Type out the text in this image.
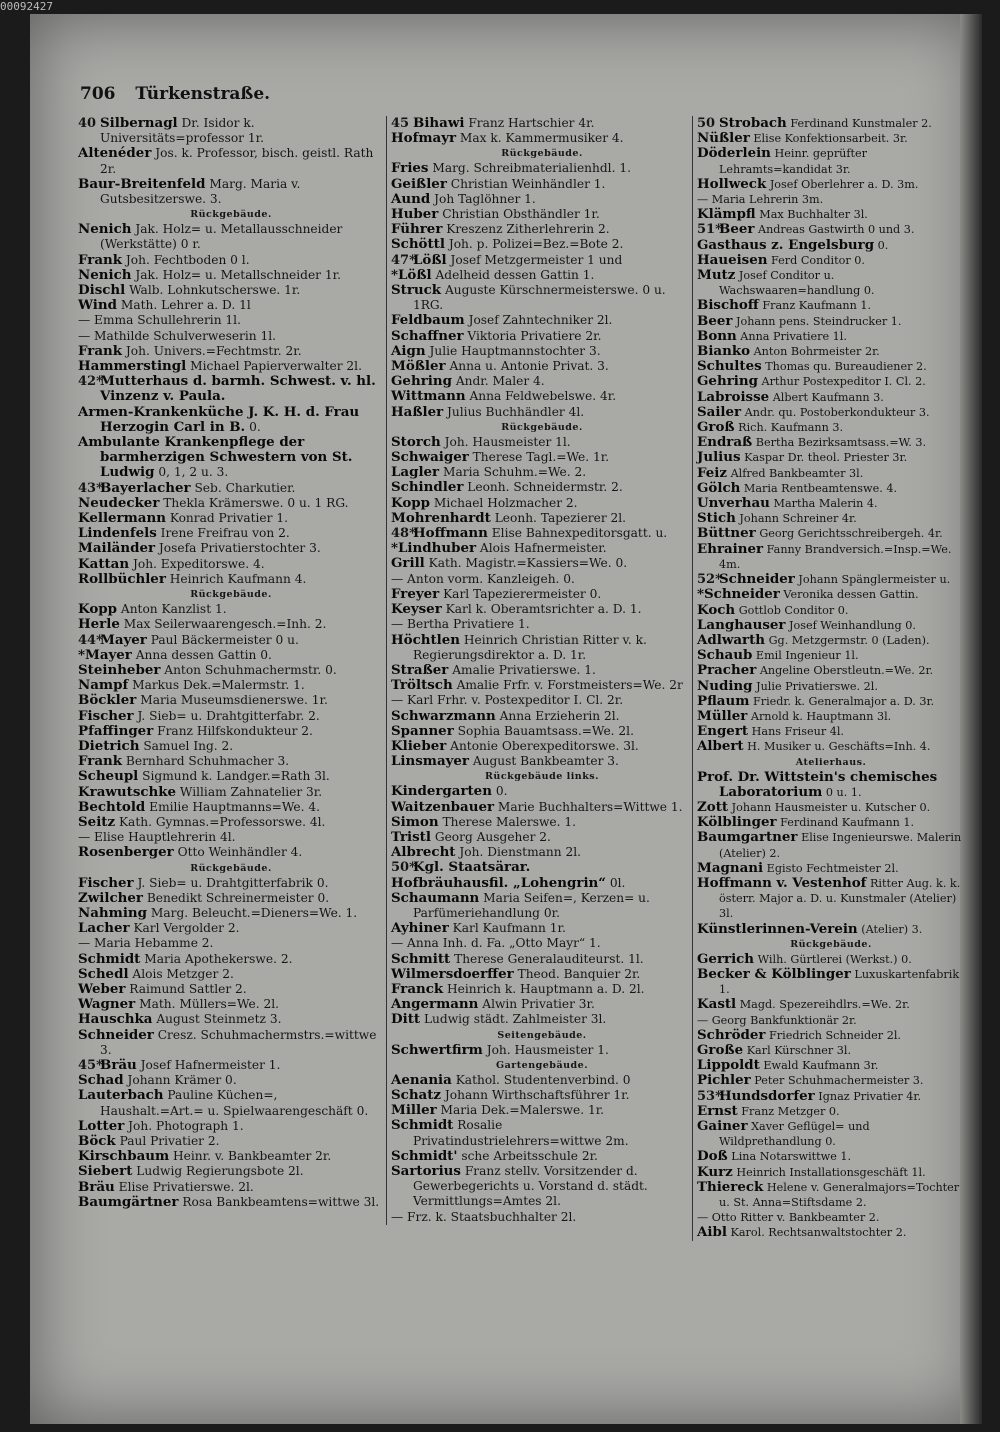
00092427
706 Türkenstraße.

40 Silbernagl Dr. Isidor k. Universitäts=professor 1r.

Altenéder Jos. k. Professor, bisch. geistl. Rath 2r.

Baur-Breitenfeld Marg. Maria v. Gutsbesitzerswe. 3.

Rückgebäude.

Nenich Jak. Holz= u. Metallausschneider (Werkstätte) 0 r.

Frank Joh. Fechtboden 0 l.

Nenich Jak. Holz= u. Metallschneider 1r.

Dischl Walb. Lohnkutscherswe. 1r.

Wind Math. Lehrer a. D. 1l

— Emma Schullehrerin 1l.

— Mathilde Schulverweserin 1l.

Frank Joh. Univers.=Fechtmstr. 2r.

Hammerstingl Michael Papierverwalter 2l.

42*Mutterhaus d. barmh. Schwest. v. hl. Vinzenz v. Paula.

Armen-Krankenküche J. K. H. d. Frau Herzogin Carl in B. 0.

Ambulante Krankenpflege der barmherzigen Schwestern von St. Ludwig 0, 1, 2 u. 3.

43*Bayerlacher Seb. Charkutier.

Neudecker Thekla Krämerswe. 0 u. 1 RG.

Kellermann Konrad Privatier 1.

Lindenfels Irene Freifrau von 2.

Mailänder Josefa Privatierstochter 3.

Kattan Joh. Expeditorswe. 4.

Rollbüchler Heinrich Kaufmann 4.

Rückgebäude.

Kopp Anton Kanzlist 1.

Herle Max Seilerwaarengesch.=Inh. 2.

44*Mayer Paul Bäckermeister 0 u.

*Mayer Anna dessen Gattin 0.

Steinheber Anton Schuhmachermstr. 0.

Nampf Markus Dek.=Malermstr. 1.

Böckler Maria Museumsdienerswe. 1r.

Fischer J. Sieb= u. Drahtgitterfabr. 2.

Pfaffinger Franz Hilfskondukteur 2.

Dietrich Samuel Ing. 2.

Frank Bernhard Schuhmacher 3.

Scheupl Sigmund k. Landger.=Rath 3l.

Krawutschke William Zahnatelier 3r.

Bechtold Emilie Hauptmanns=We. 4.

Seitz Kath. Gymnas.=Professorswe. 4l.

— Elise Hauptlehrerin 4l.

Rosenberger Otto Weinhändler 4.

Rückgebäude.

Fischer J. Sieb= u. Drahtgitterfabrik 0.

Zwilcher Benedikt Schreinermeister 0.

Nahming Marg. Beleucht.=Dieners=We. 1.

Lacher Karl Vergolder 2.

— Maria Hebamme 2.

Schmidt Maria Apothekerswe. 2.

Schedl Alois Metzger 2.

Weber Raimund Sattler 2.

Wagner Math. Müllers=We. 2l.

Hauschka August Steinmetz 3.

Schneider Cresz. Schuhmachermstrs.=wittwe 3.

45*Bräu Josef Hafnermeister 1.

Schad Johann Krämer 0.

Lauterbach Pauline Küchen=, Haushalt.=Art.= u. Spielwaarengeschäft 0.

Lotter Joh. Photograph 1.

Böck Paul Privatier 2.

Kirschbaum Heinr. v. Bankbeamter 2r.

Siebert Ludwig Regierungsbote 2l.

Bräu Elise Privatierswe. 2l.

Baumgärtner Rosa Bankbeamtens=wittwe 3l.

45 Bihawi Franz Hartschier 4r.

Hofmayr Max k. Kammermusiker 4.

Rückgebäude.

Fries Marg. Schreibmaterialienhdl. 1.

Geißler Christian Weinhändler 1.

Aund Joh Taglöhner 1.

Huber Christian Obsthändler 1r.

Führer Kreszenz Zitherlehrerin 2.

Schöttl Joh. p. Polizei=Bez.=Bote 2.

47*Lößl Josef Metzgermeister 1 und

*Lößl Adelheid dessen Gattin 1.

Struck Auguste Kürschnermeisterswe. 0 u. 1RG.

Feldbaum Josef Zahntechniker 2l.

Schaffner Viktoria Privatiere 2r.

Aign Julie Hauptmannstochter 3.

Mößler Anna u. Antonie Privat. 3.

Gehring Andr. Maler 4.

Wittmann Anna Feldwebelswe. 4r.

Haßler Julius Buchhändler 4l.

Rückgebäude.

Storch Joh. Hausmeister 1l.

Schwaiger Therese Tagl.=We. 1r.

Lagler Maria Schuhm.=We. 2.

Schindler Leonh. Schneidermstr. 2.

Kopp Michael Holzmacher 2.

Mohrenhardt Leonh. Tapezierer 2l.

48*Hoffmann Elise Bahnexpeditorsgatt. u.

*Lindhuber Alois Hafnermeister.

Grill Kath. Magistr.=Kassiers=We. 0.

— Anton vorm. Kanzleigeh. 0.

Freyer Karl Tapezierermeister 0.

Keyser Karl k. Oberamtsrichter a. D. 1.

— Bertha Privatiere 1.

Höchtlen Heinrich Christian Ritter v. k. Regierungsdirektor a. D. 1r.

Straßer Amalie Privatierswe. 1.

Tröltsch Amalie Frfr. v. Forstmeisters=We. 2r

— Karl Frhr. v. Postexpeditor I. Cl. 2r.

Schwarzmann Anna Erzieherin 2l.

Spanner Sophia Bauamtsass.=We. 2l.

Klieber Antonie Oberexpeditorswe. 3l.

Linsmayer August Bankbeamter 3.

Rückgebäude links.

Kindergarten 0.

Waitzenbauer Marie Buchhalters=Wittwe 1.

Simon Therese Malerswe. 1.

Tristl Georg Ausgeher 2.

Albrecht Joh. Dienstmann 2l.

50*Kgl. Staatsärar.

Hofbräuhausfil. „Lohengrin“ 0l.

Schaumann Maria Seifen=, Kerzen= u. Parfümeriehandlung 0r.

Ayhiner Karl Kaufmann 1r.

— Anna Inh. d. Fa. „Otto Mayr“ 1.

Schmitt Therese Generalauditeurst. 1l.

Wilmersdoerffer Theod. Banquier 2r.

Franck Heinrich k. Hauptmann a. D. 2l.

Angermann Alwin Privatier 3r.

Ditt Ludwig städt. Zahlmeister 3l.

Seitengebäude.

Schwertfirm Joh. Hausmeister 1.

Gartengebäude.

Aenania Kathol. Studentenverbind. 0

Schatz Johann Wirthschaftsführer 1r.

Miller Maria Dek.=Malerswe. 1r.

Schmidt Rosalie Privatindustrielehrers=wittwe 2m.

Schmidt' sche Arbeitsschule 2r.

Sartorius Franz stellv. Vorsitzender d. Gewerbegerichts u. Vorstand d. städt. Vermittlungs=Amtes 2l.

— Frz. k. Staatsbuchhalter 2l.

50 Strobach Ferdinand Kunstmaler 2.

Nüßler Elise Konfektionsarbeit. 3r.

Döderlein Heinr. geprüfter Lehramts=kandidat 3r.

Hollweck Josef Oberlehrer a. D. 3m.

— Maria Lehrerin 3m.

Klämpfl Max Buchhalter 3l.

51*Beer Andreas Gastwirth 0 und 3.

Gasthaus z. Engelsburg 0.

Haueisen Ferd Conditor 0.

Mutz Josef Conditor u. Wachswaaren=handlung 0.

Bischoff Franz Kaufmann 1.

Beer Johann pens. Steindrucker 1.

Bonn Anna Privatiere 1l.

Bianko Anton Bohrmeister 2r.

Schultes Thomas qu. Bureaudiener 2.

Gehring Arthur Postexpeditor I. Cl. 2.

Labroisse Albert Kaufmann 3.

Sailer Andr. qu. Postoberkondukteur 3.

Groß Rich. Kaufmann 3.

Endraß Bertha Bezirksamtsass.=W. 3.

Julius Kaspar Dr. theol. Priester 3r.

Feiz Alfred Bankbeamter 3l.

Gölch Maria Rentbeamtenswe. 4.

Unverhau Martha Malerin 4.

Stich Johann Schreiner 4r.

Büttner Georg Gerichtsschreibergeh. 4r.

Ehrainer Fanny Brandversich.=Insp.=We. 4m.

52*Schneider Johann Spänglermeister u.

*Schneider Veronika dessen Gattin.

Koch Gottlob Conditor 0.

Langhauser Josef Weinhandlung 0.

Adlwarth Gg. Metzgermstr. 0 (Laden).

Schaub Emil Ingenieur 1l.

Pracher Angeline Oberstleutn.=We. 2r.

Nuding Julie Privatierswe. 2l.

Pflaum Friedr. k. Generalmajor a. D. 3r.

Müller Arnold k. Hauptmann 3l.

Engert Hans Friseur 4l.

Albert H. Musiker u. Geschäfts=Inh. 4.

Atelierhaus.

Prof. Dr. Wittstein's chemisches Laboratorium 0 u. 1.

Zott Johann Hausmeister u. Kutscher 0.

Kölblinger Ferdinand Kaufmann 1.

Baumgartner Elise Ingenieurswe. Malerin (Atelier) 2.

Magnani Egisto Fechtmeister 2l.

Hoffmann v. Vestenhof Ritter Aug. k. k. österr. Major a. D. u. Kunstmaler (Atelier) 3l.

Künstlerinnen-Verein (Atelier) 3.

Rückgebäude.

Gerrich Wilh. Gürtlerei (Werkst.) 0.

Becker & Kölblinger Luxuskartenfabrik 1.

Kastl Magd. Spezereihdlrs.=We. 2r.

— Georg Bankfunktionär 2r.

Schröder Friedrich Schneider 2l.

Große Karl Kürschner 3l.

Lippoldt Ewald Kaufmann 3r.

Pichler Peter Schuhmachermeister 3.

53*Hundsdorfer Ignaz Privatier 4r.

Ernst Franz Metzger 0.

Gainer Xaver Geflügel= und Wildprethandlung 0.

Doß Lina Notarswittwe 1.

Kurz Heinrich Installationsgeschäft 1l.

Thiereck Helene v. Generalmajors=Tochter u. St. Anna=Stiftsdame 2.

— Otto Ritter v. Bankbeamter 2.

Aibl Karol. Rechtsanwaltstochter 2.
